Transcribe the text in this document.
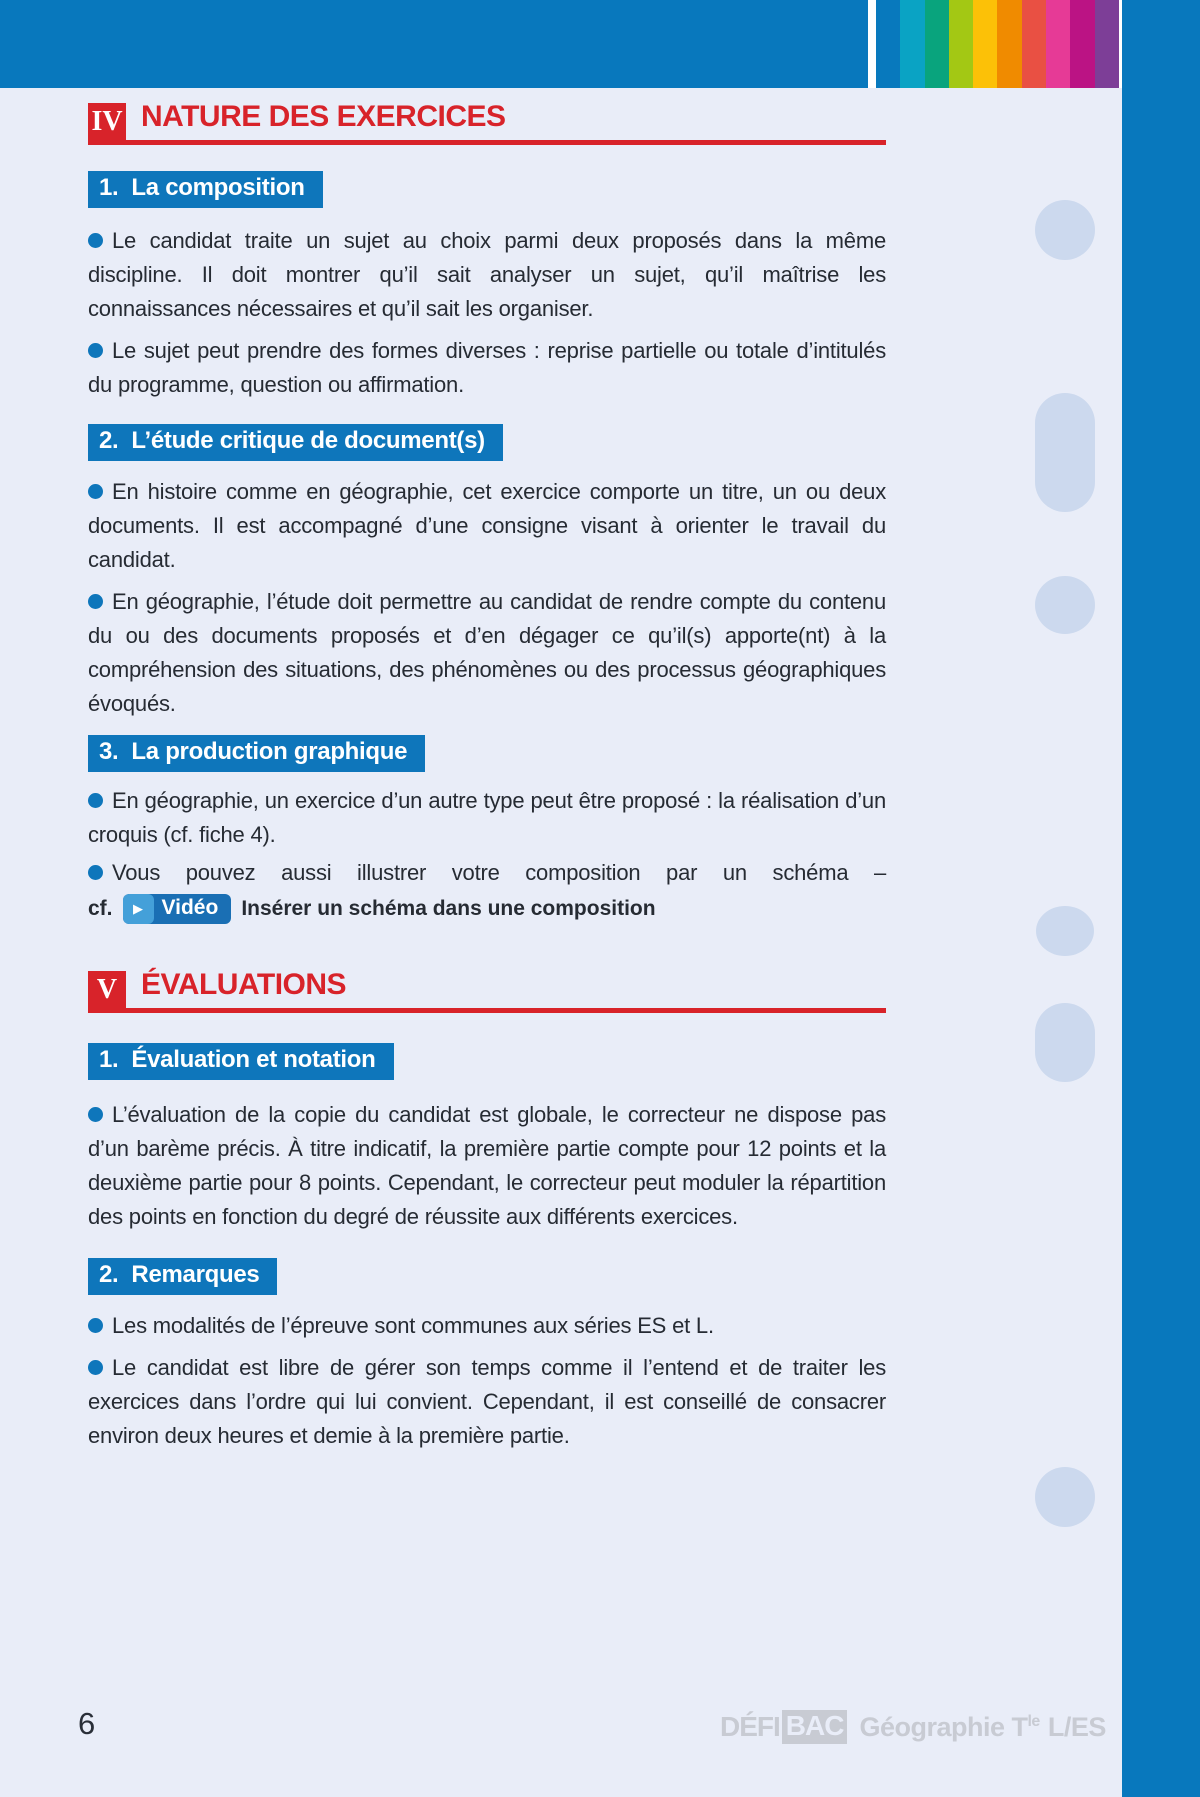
IV NATURE DES EXERCICES
1. La composition

Le candidat traite un sujet au choix parmi deux proposés dans la même discipline. Il doit montrer qu’il sait analyser un sujet, qu’il maîtrise les connaissances nécessaires et qu’il sait les organiser.

Le sujet peut prendre des formes diverses : reprise partielle ou totale d’intitulés du programme, question ou affirmation.

2. L’étude critique de document(s)

En histoire comme en géographie, cet exercice comporte un titre, un ou deux documents. Il est accompagné d’une consigne visant à orienter le travail du candidat.

En géographie, l’étude doit permettre au candidat de rendre compte du contenu du ou des documents proposés et d’en dégager ce qu’il(s) apporte(nt) à la compréhension des situations, des phénomènes ou des processus géographiques évoqués.

3. La production graphique

En géographie, un exercice d’un autre type peut être proposé : la réalisation d’un croquis (cf. fiche 4).

Vous pouvez aussi illustrer votre composition par un schéma –

cf.	▶ Vidéo	Insérer un schéma dans une composition
V ÉVALUATIONS
1. Évaluation et notation

L’évaluation de la copie du candidat est globale, le correcteur ne dispose pas d’un barème précis. À titre indicatif, la première partie compte pour 12 points et la deuxième partie pour 8 points. Cependant, le correcteur peut moduler la répartition des points en fonction du degré de réussite aux différents exercices.

2. Remarques

Les modalités de l’épreuve sont communes aux séries ES et L.

Le candidat est libre de gérer son temps comme il l’entend et de traiter les exercices dans l’ordre qui lui convient. Cependant, il est conseillé de consacrer environ deux heures et demie à la première partie.

6	DÉFI BAC Géographie $T^{le}$ L/ES
